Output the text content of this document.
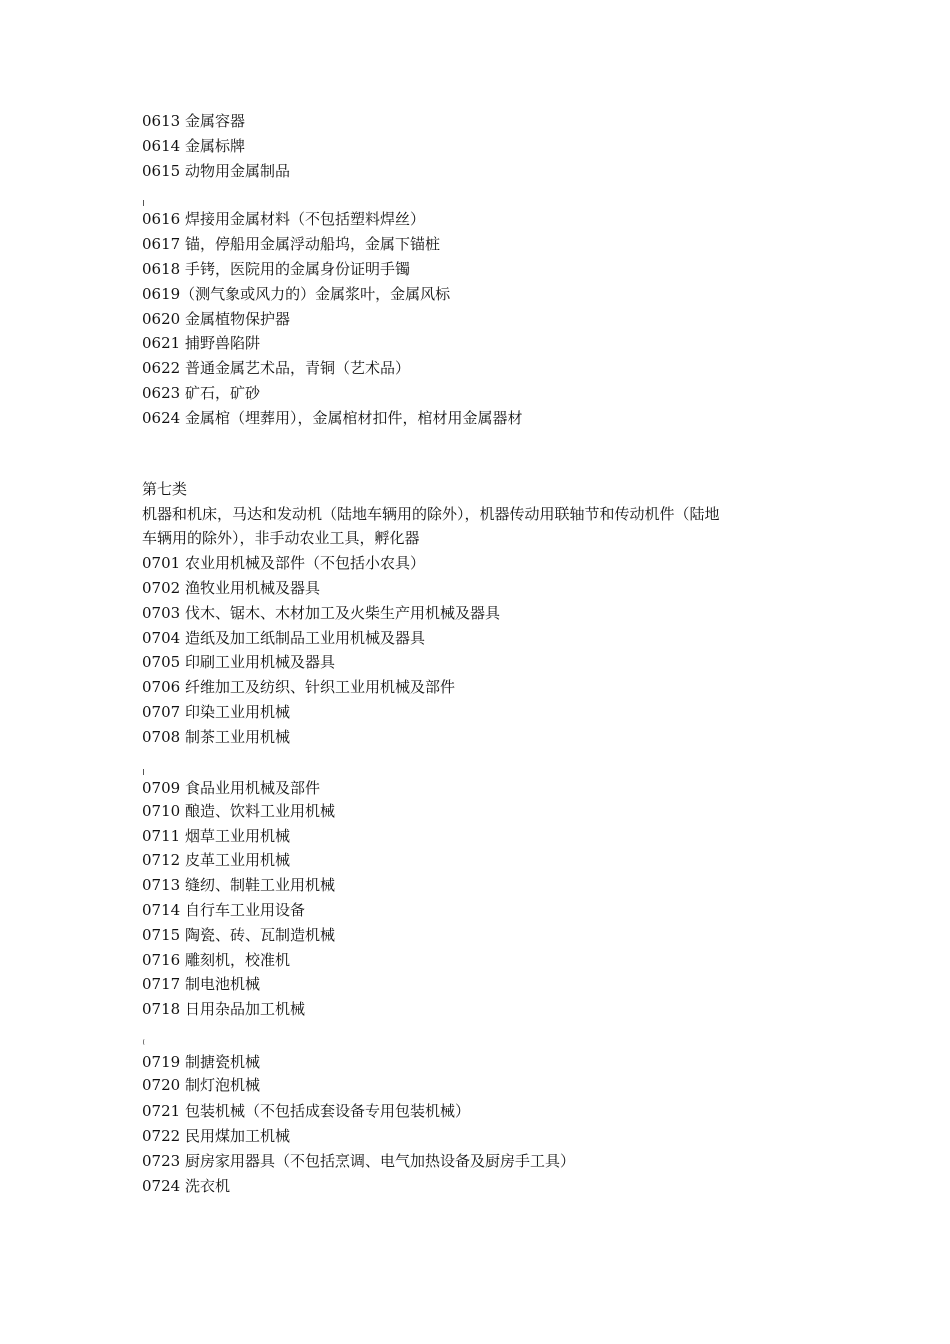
0613 金属容器
0614 金属标牌
0615 动物用金属制品
0616 焊接用金属材料（不包括塑料焊丝）
0617 锚，停船用金属浮动船坞，金属下锚桩
0618 手铐，医院用的金属身份证明手镯
0619（测气象或风力的）金属浆叶，金属风标
0620 金属植物保护器
0621 捕野兽陷阱
0622 普通金属艺术品，青铜（艺术品）
0623 矿石，矿砂
0624 金属棺（埋葬用），金属棺材扣件，棺材用金属器材
第七类
机器和机床，马达和发动机（陆地车辆用的除外），机器传动用联轴节和传动机件（陆地
车辆用的除外），非手动农业工具，孵化器
0701 农业用机械及部件（不包括小农具）
0702 渔牧业用机械及器具
0703 伐木、锯木、木材加工及火柴生产用机械及器具
0704 造纸及加工纸制品工业用机械及器具
0705 印刷工业用机械及器具
0706 纤维加工及纺织、针织工业用机械及部件
0707 印染工业用机械
0708 制茶工业用机械
0709 食品业用机械及部件
0710 酿造、饮料工业用机械
0711 烟草工业用机械
0712 皮革工业用机械
0713 缝纫、制鞋工业用机械
0714 自行车工业用设备
0715 陶瓷、砖、瓦制造机械
0716 雕刻机，校准机
0717 制电池机械
0718 日用杂品加工机械
0719 制搪瓷机械
0720 制灯泡机械
0721 包装机械（不包括成套设备专用包装机械）
0722 民用煤加工机械
0723 厨房家用器具（不包括烹调、电气加热设备及厨房手工具）
0724 洗衣机
